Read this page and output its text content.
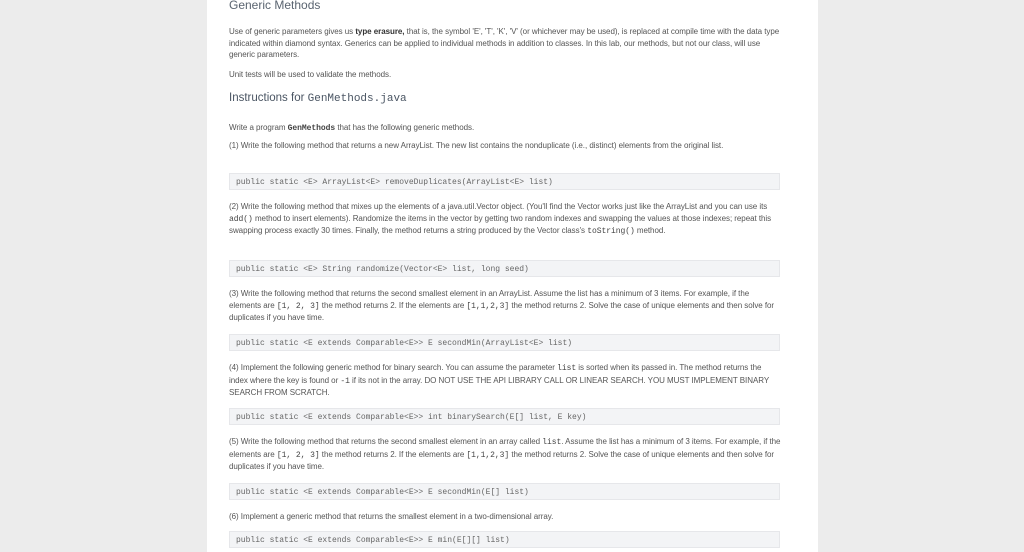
Generic Methods

Use of generic parameters gives us type erasure, that is, the symbol 'E', 'T', 'K', 'V' (or whichever may be used), is replaced at compile time with the data type indicated within diamond syntax. Generics can be applied to individual methods in addition to classes. In this lab, our methods, but not our class, will use generic parameters.

Unit tests will be used to validate the methods.

Instructions for GenMethods.java

Write a program GenMethods that has the following generic methods.

(1) Write the following method that returns a new ArrayList. The new list contains the nonduplicate (i.e., distinct) elements from the original list.

public static <E> ArrayList<E> removeDuplicates(ArrayList<E> list)

(2) Write the following method that mixes up the elements of a java.util.Vector object. (You'll find the Vector works just like the ArrayList and you can use its add() method to insert elements). Randomize the items in the vector by getting two random indexes and swapping the values at those indexes; repeat this swapping process exactly 30 times. Finally, the method returns a string produced by the Vector class's toString() method.

public static <E> String randomize(Vector<E> list, long seed)

(3) Write the following method that returns the second smallest element in an ArrayList. Assume the list has a minimum of 3 items. For example, if the elements are [1, 2, 3] the method returns 2. If the elements are [1,1,2,3] the method returns 2. Solve the case of unique elements and then solve for duplicates if you have time.

public static <E extends Comparable<E>> E secondMin(ArrayList<E> list)

(4) Implement the following generic method for binary search. You can assume the parameter list is sorted when its passed in. The method returns the index where the key is found or -1 if its not in the array. DO NOT USE THE API LIBRARY CALL OR LINEAR SEARCH. YOU MUST IMPLEMENT BINARY SEARCH FROM SCRATCH.

public static <E extends Comparable<E>> int binarySearch(E[] list, E key)

(5) Write the following method that returns the second smallest element in an array called list. Assume the list has a minimum of 3 items. For example, if the elements are [1, 2, 3] the method returns 2. If the elements are [1,1,2,3] the method returns 2. Solve the case of unique elements and then solve for duplicates if you have time.

public static <E extends Comparable<E>> E secondMin(E[] list)

(6) Implement a generic method that returns the smallest element in a two-dimensional array.

public static <E extends Comparable<E>> E min(E[][] list)
